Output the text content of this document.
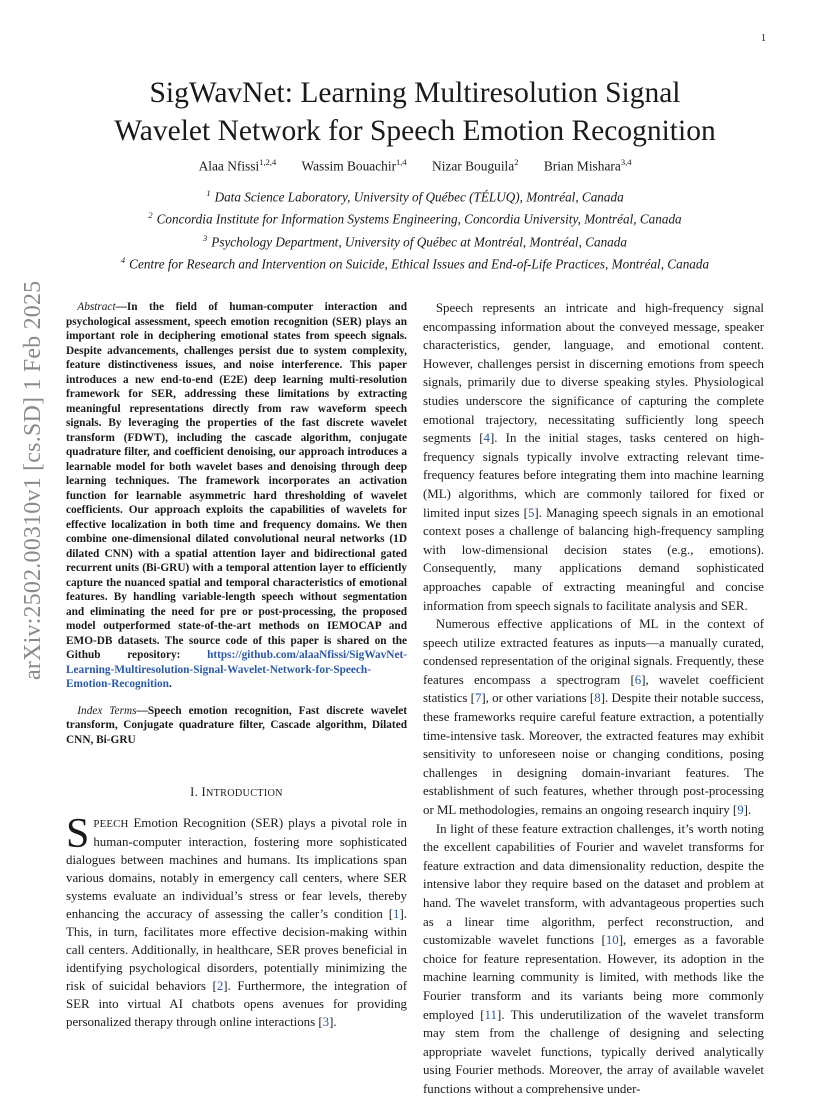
1
arXiv:2502.00310v1 [cs.SD] 1 Feb 2025
SigWavNet: Learning Multiresolution Signal
Wavelet Network for Speech Emotion Recognition
Alaa Nfissi$^{1,2,4}$ Wassim Bouachir$^{1,4}$ Nizar Bouguila$^2$ Brian Mishara$^{3,4}$
$^1$ Data Science Laboratory, University of Québec (TÉLUQ), Montréal, Canada
$^2$ Concordia Institute for Information Systems Engineering, Concordia University, Montréal, Canada
$^3$ Psychology Department, University of Québec at Montréal, Montréal, Canada
$^4$ Centre for Research and Intervention on Suicide, Ethical Issues and End-of-Life Practices, Montréal, Canada

Abstract—In the field of human-computer interaction and psychological assessment, speech emotion recognition (SER) plays an important role in deciphering emotional states from speech signals. Despite advancements, challenges persist due to system complexity, feature distinctiveness issues, and noise interference. This paper introduces a new end-to-end (E2E) deep learning multi-resolution framework for SER, addressing these limitations by extracting meaningful representations directly from raw waveform speech signals. By leveraging the properties of the fast discrete wavelet transform (FDWT), including the cascade algorithm, conjugate quadrature filter, and coefficient denoising, our approach introduces a learnable model for both wavelet bases and denoising through deep learning techniques. The framework incorporates an activation function for learnable asymmetric hard thresholding of wavelet coefficients. Our approach exploits the capabilities of wavelets for effective localization in both time and frequency domains. We then combine one-dimensional dilated convolutional neural networks (1D dilated CNN) with a spatial attention layer and bidirectional gated recurrent units (Bi-GRU) with a temporal attention layer to efficiently capture the nuanced spatial and temporal characteristics of emotional features. By handling variable-length speech without segmentation and eliminating the need for pre or post-processing, the proposed model outperformed state-of-the-art methods on IEMOCAP and EMO-DB datasets. The source code of this paper is shared on the Github repository: https://github.com/alaaNfissi/SigWavNet-Learning-Multiresolution-Signal-Wavelet-Network-for-Speech-Emotion-Recognition.

Index Terms—Speech emotion recognition, Fast discrete wavelet transform, Conjugate quadrature filter, Cascade algorithm, Dilated CNN, Bi-GRU

I. INTRODUCTION

SPEECH Emotion Recognition (SER) plays a pivotal role in human-computer interaction, fostering more sophisticated dialogues between machines and humans. Its implications span various domains, notably in emergency call centers, where SER systems evaluate an individual’s stress or fear levels, thereby enhancing the accuracy of assessing the caller’s condition [1]. This, in turn, facilitates more effective decision-making within call centers. Additionally, in healthcare, SER proves beneficial in identifying psychological disorders, potentially minimizing the risk of suicidal behaviors [2]. Furthermore, the integration of SER into virtual AI chatbots opens avenues for providing personalized therapy through online interactions [3].

Speech represents an intricate and high-frequency signal encompassing information about the conveyed message, speaker characteristics, gender, language, and emotional content. However, challenges persist in discerning emotions from speech signals, primarily due to diverse speaking styles. Physiological studies underscore the significance of capturing the complete emotional trajectory, necessitating sufficiently long speech segments [4]. In the initial stages, tasks centered on high-frequency signals typically involve extracting relevant time-frequency features before integrating them into machine learning (ML) algorithms, which are commonly tailored for fixed or limited input sizes [5]. Managing speech signals in an emotional context poses a challenge of balancing high-frequency sampling with low-dimensional decision states (e.g., emotions). Consequently, many applications demand sophisticated approaches capable of extracting meaningful and concise information from speech signals to facilitate analysis and SER.

Numerous effective applications of ML in the context of speech utilize extracted features as inputs—a manually curated, condensed representation of the original signals. Frequently, these features encompass a spectrogram [6], wavelet coefficient statistics [7], or other variations [8]. Despite their notable success, these frameworks require careful feature extraction, a potentially time-intensive task. Moreover, the extracted features may exhibit sensitivity to unforeseen noise or changing conditions, posing challenges in designing domain-invariant features. The establishment of such features, whether through post-processing or ML methodologies, remains an ongoing research inquiry [9].

In light of these feature extraction challenges, it’s worth noting the excellent capabilities of Fourier and wavelet transforms for feature extraction and data dimensionality reduction, despite the intensive labor they require based on the dataset and problem at hand. The wavelet transform, with advantageous properties such as a linear time algorithm, perfect reconstruction, and customizable wavelet functions [10], emerges as a favorable choice for feature representation. However, its adoption in the machine learning community is limited, with methods like the Fourier transform and its variants being more commonly employed [11]. This underutilization of the wavelet transform may stem from the challenge of designing and selecting appropriate wavelet functions, typically derived analytically using Fourier methods. Moreover, the array of available wavelet functions without a comprehensive under-
